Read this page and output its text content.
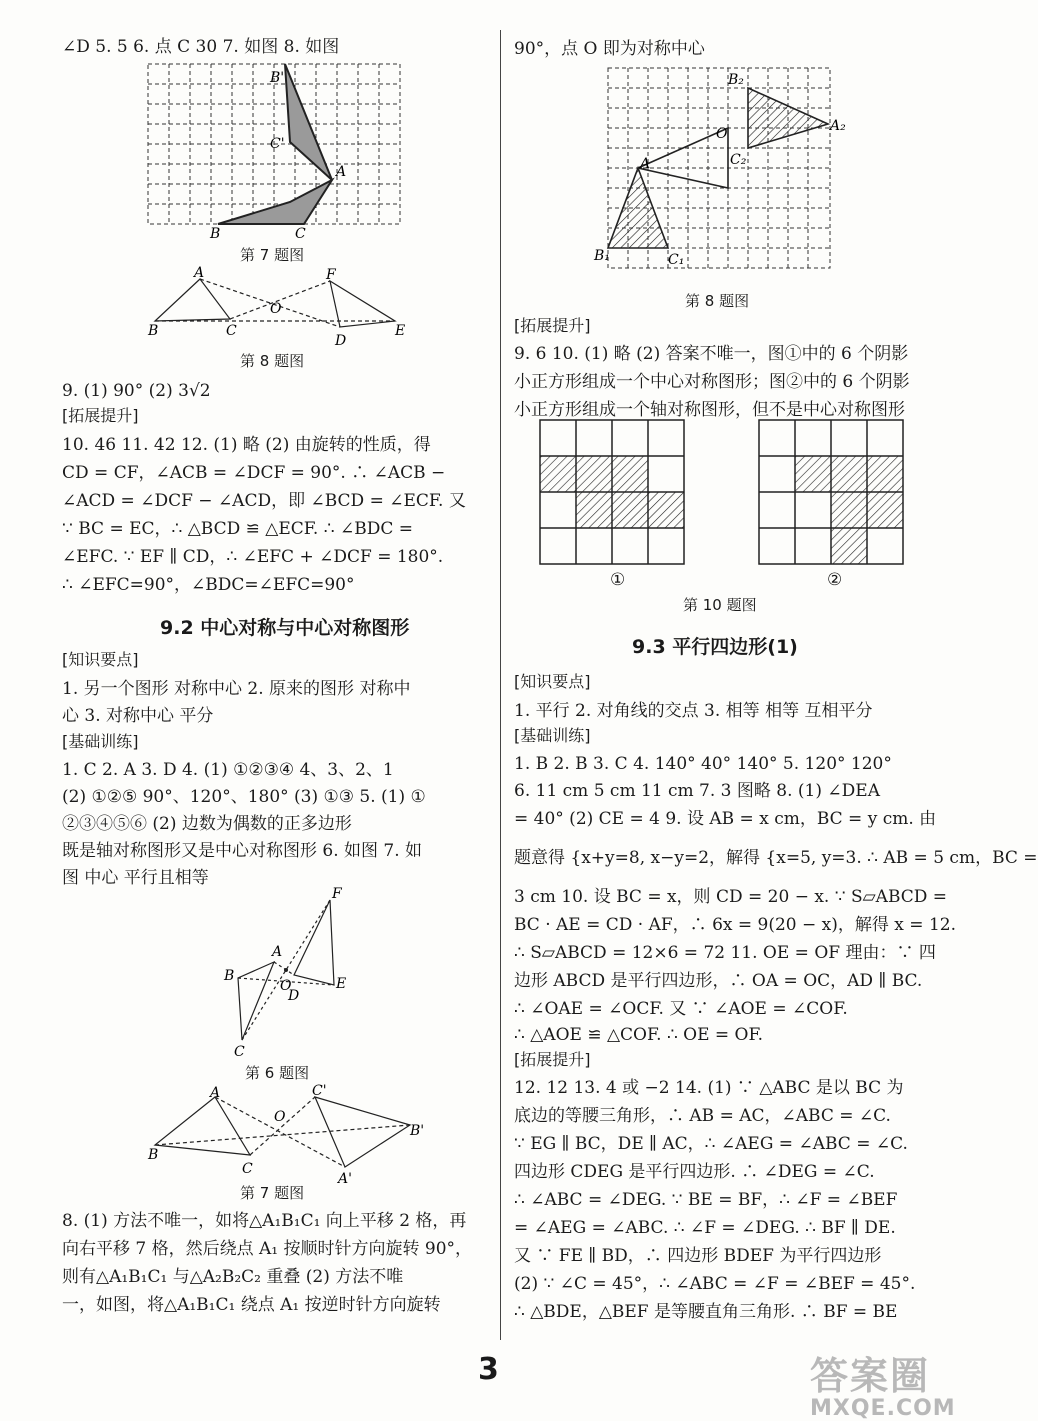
∠D 5. 5 6. 点 C 30 7. 如图 8. 如图
B'
C'
A
B	C
第 7 题图
A
B	C
O
F
D
E
第 8 题图
9. (1) 90° (2) 3√2
[拓展提升]
10. 46 11. 42 12. (1) 略 (2) 由旋转的性质，得
CD = CF，∠ACB = ∠DCF = 90°. ∴ ∠ACB −
∠ACD = ∠DCF − ∠ACD，即 ∠BCD = ∠ECF. 又
∵ BC = EC，∴ △BCD ≌ △ECF. ∴ ∠BDC =
∠EFC. ∵ EF ∥ CD，∴ ∠EFC + ∠DCF = 180°.
∴ ∠EFC=90°，∠BDC=∠EFC=90°
9.2 中心对称与中心对称图形
[知识要点]
1. 另一个图形 对称中心 2. 原来的图形 对称中
心 3. 对称中心 平分
[基础训练]
1. C 2. A 3. D 4. (1) ①②③④ 4、3、2、1
(2) ①②⑤ 90°、120°、180° (3) ①③ 5. (1) ①
②③④⑤⑥ (2) 边数为偶数的正多边形
既是轴对称图形又是中心对称图形 6. 如图 7. 如
图 中心 平行且相等
A
B
C
O
D
F
E
第 6 题图
A
B
C
O
C'
B'
A'
第 7 题图
8. (1) 方法不唯一，如将△A₁B₁C₁ 向上平移 2 格，再
向右平移 7 格，然后绕点 A₁ 按顺时针方向旋转 90°，
则有△A₁B₁C₁ 与△A₂B₂C₂ 重叠 (2) 方法不唯
一，如图，将△A₁B₁C₁ 绕点 A₁ 按逆时针方向旋转
90°，点 O 即为对称中心
B₂
A₂
O
C₂
A
B₁	C₁
第 8 题图
[拓展提升]
9. 6 10. (1) 略 (2) 答案不唯一，图①中的 6 个阴影
小正方形组成一个中心对称图形；图②中的 6 个阴影
小正方形组成一个轴对称图形，但不是中心对称图形
①	②
第 10 题图
9.3 平行四边形(1)
[知识要点]
1. 平行 2. 对角线的交点 3. 相等 相等 互相平分
[基础训练]
1. B 2. B 3. C 4. 140° 40° 140° 5. 120° 120°
6. 11 cm 5 cm 11 cm 7. 3 图略 8. (1) ∠DEA
= 40° (2) CE = 4 9. 设 AB = x cm，BC = y cm. 由
题意得 {x+y=8, x−y=2，解得 {x=5, y=3. ∴ AB = 5 cm，BC =
3 cm 10. 设 BC = x，则 CD = 20 − x. ∵ S▱ABCD =
BC · AE = CD · AF，∴ 6x = 9(20 − x)，解得 x = 12.
∴ S▱ABCD = 12×6 = 72 11. OE = OF 理由：∵ 四
边形 ABCD 是平行四边形，∴ OA = OC，AD ∥ BC.
∴ ∠OAE = ∠OCF. 又 ∵ ∠AOE = ∠COF.
∴ △AOE ≌ △COF. ∴ OE = OF.
[拓展提升]
12. 12 13. 4 或 −2 14. (1) ∵ △ABC 是以 BC 为
底边的等腰三角形，∴ AB = AC，∠ABC = ∠C.
∵ EG ∥ BC，DE ∥ AC，∴ ∠AEG = ∠ABC = ∠C.
四边形 CDEG 是平行四边形. ∴ ∠DEG = ∠C.
∴ ∠ABC = ∠DEG. ∵ BE = BF，∴ ∠F = ∠BEF
= ∠AEG = ∠ABC. ∴ ∠F = ∠DEG. ∴ BF ∥ DE.
又 ∵ FE ∥ BD，∴ 四边形 BDEF 为平行四边形
(2) ∵ ∠C = 45°，∴ ∠ABC = ∠F = ∠BEF = 45°.
∴ △BDE，△BEF 是等腰直角三角形. ∴ BF = BE
3	答案圈
MXQE.COM
